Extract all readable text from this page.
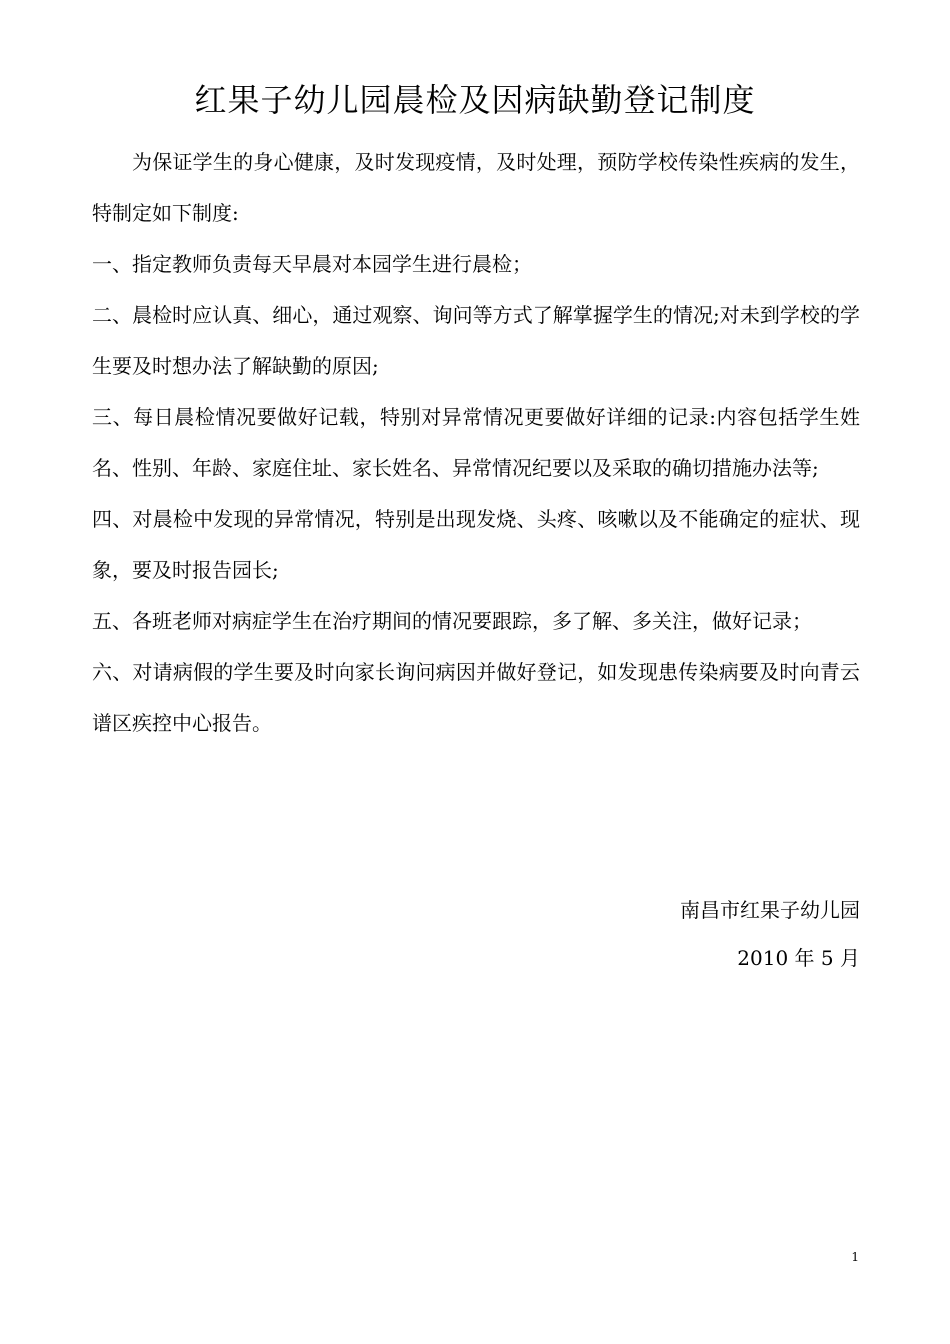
红果子幼儿园晨检及因病缺勤登记制度

为保证学生的身心健康，及时发现疫情，及时处理，预防学校传染性疾病的发生，特制定如下制度:

一、指定教师负责每天早晨对本园学生进行晨检；

二、晨检时应认真、细心，通过观察、询问等方式了解掌握学生的情况;对未到学校的学生要及时想办法了解缺勤的原因;

三、每日晨检情况要做好记载，特别对异常情况更要做好详细的记录:内容包括学生姓名、性别、年龄、家庭住址、家长姓名、异常情况纪要以及采取的确切措施办法等;

四、对晨检中发现的异常情况，特别是出现发烧、头疼、咳嗽以及不能确定的症状、现象，要及时报告园长;

五、各班老师对病症学生在治疗期间的情况要跟踪，多了解、多关注，做好记录；

六、对请病假的学生要及时向家长询问病因并做好登记，如发现患传染病要及时向青云谱区疾控中心报告。

南昌市红果子幼儿园
2010 年 5 月
1
